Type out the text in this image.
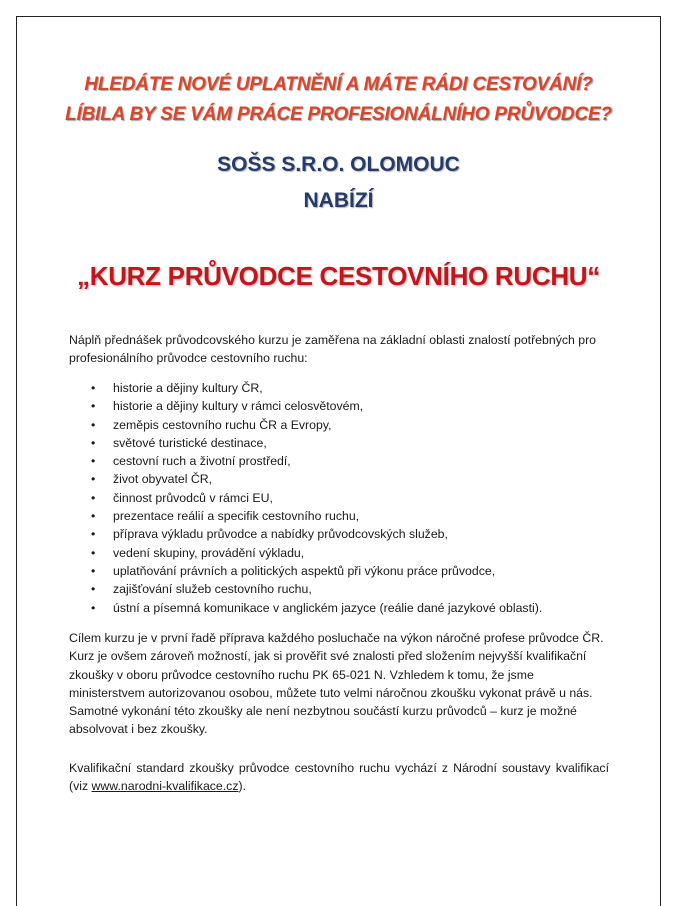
HLEDÁTE NOVÉ UPLATNĚNÍ A MÁTE RÁDI CESTOVÁNÍ?

LÍBILA BY SE VÁM PRÁCE PROFESIONÁLNÍHO PRŮVODCE?

SOŠS S.R.O. OLOMOUC

NABÍZÍ

„KURZ PRŮVODCE CESTOVNÍHO RUCHU“

Náplň přednášek průvodcovského kurzu je zaměřena na základní oblasti znalostí potřebných pro profesionálního průvodce cestovního ruchu:

• historie a dějiny kultury ČR,
• historie a dějiny kultury v rámci celosvětovém,
• zeměpis cestovního ruchu ČR a Evropy,
• světové turistické destinace,
• cestovní ruch a životní prostředí,
• život obyvatel ČR,
• činnost průvodců v rámci EU,
• prezentace reálií a specifik cestovního ruchu,
• příprava výkladu průvodce a nabídky průvodcovských služeb,
• vedení skupiny, provádění výkladu,
• uplatňování právních a politických aspektů při výkonu práce průvodce,
• zajišťování služeb cestovního ruchu,
• ústní a písemná komunikace v anglickém jazyce (reálie dané jazykové oblasti).

Cílem kurzu je v první řadě příprava každého posluchače na výkon náročné profese průvodce ČR. Kurz je ovšem zároveň možností, jak si prověřit své znalosti před složením nejvyšší kvalifikační zkoušky v oboru průvodce cestovního ruchu PK 65-021 N. Vzhledem k tomu, že jsme ministerstvem autorizovanou osobou, můžete tuto velmi náročnou zkoušku vykonat právě u nás. Samotné vykonání této zkoušky ale není nezbytnou součástí kurzu průvodců – kurz je možné absolvovat i bez zkoušky.

Kvalifikační standard zkoušky průvodce cestovního ruchu vychází z Národní soustavy kvalifikací (viz www.narodni-kvalifikace.cz).
